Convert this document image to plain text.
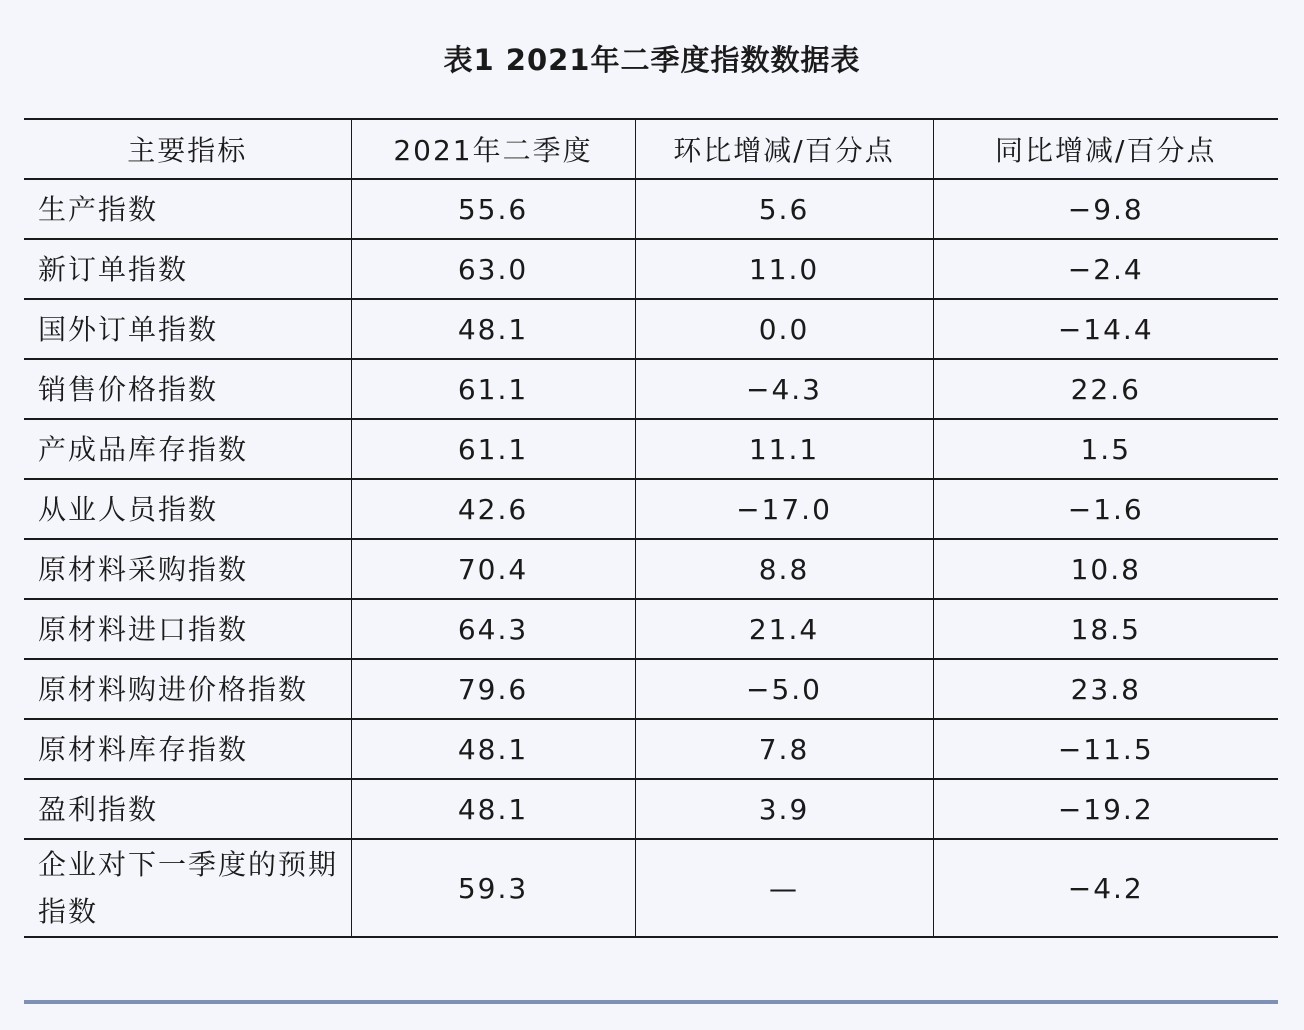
表1 2021年二季度指数数据表
主要指标	2021年二季度	环比增减/百分点	同比增减/百分点
生产指数	55.6	5.6	−9.8
新订单指数	63.0	11.0	−2.4
国外订单指数	48.1	0.0	−14.4
销售价格指数	61.1	−4.3	22.6
产成品库存指数	61.1	11.1	1.5
从业人员指数	42.6	−17.0	−1.6
原材料采购指数	70.4	8.8	10.8
原材料进口指数	64.3	21.4	18.5
原材料购进价格指数	79.6	−5.0	23.8
原材料库存指数	48.1	7.8	−11.5
盈利指数	48.1	3.9	−19.2
企业对下一季度的预期指数	59.3	—	−4.2
